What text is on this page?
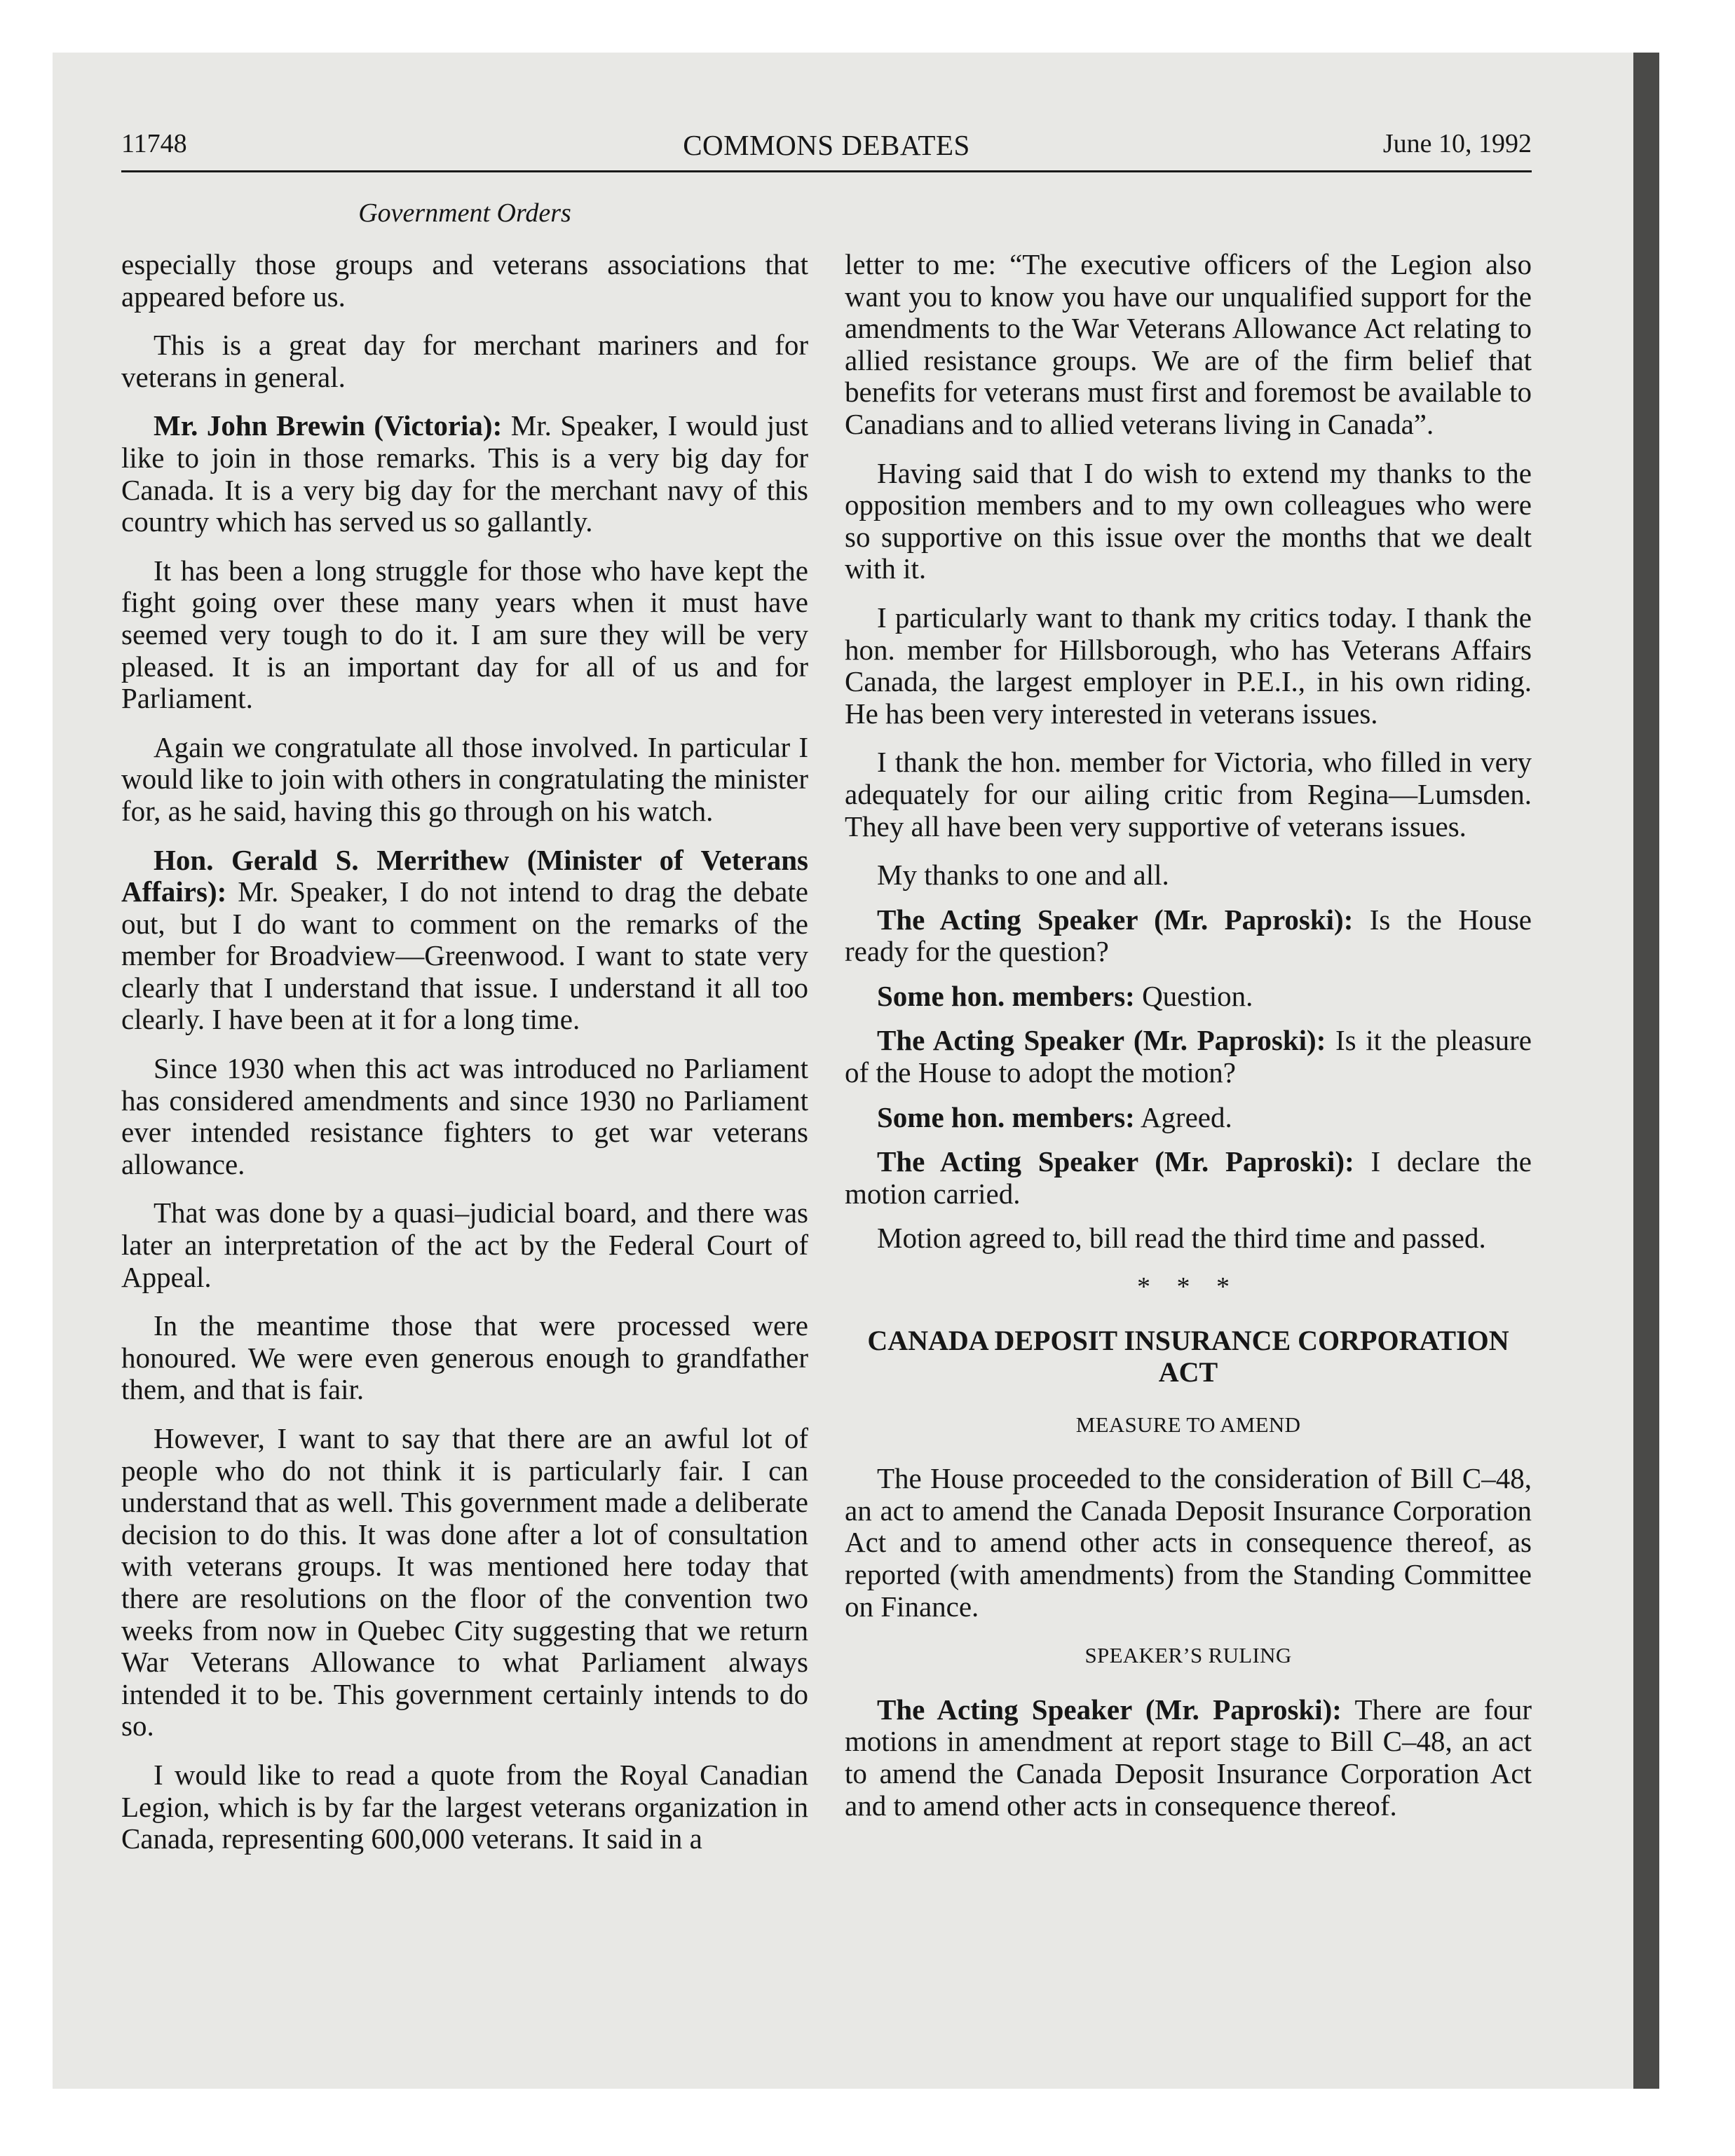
11748	COMMONS DEBATES	June 10, 1992
Government Orders

especially those groups and veterans associations that appeared before us.

This is a great day for merchant mariners and for veterans in general.

Mr. John Brewin (Victoria): Mr. Speaker, I would just like to join in those remarks. This is a very big day for Canada. It is a very big day for the merchant navy of this country which has served us so gallantly.

It has been a long struggle for those who have kept the fight going over these many years when it must have seemed very tough to do it. I am sure they will be very pleased. It is an important day for all of us and for Parliament.

Again we congratulate all those involved. In particular I would like to join with others in congratulating the minister for, as he said, having this go through on his watch.

Hon. Gerald S. Merrithew (Minister of Veterans Affairs): Mr. Speaker, I do not intend to drag the debate out, but I do want to comment on the remarks of the member for Broadview—Greenwood. I want to state very clearly that I understand that issue. I understand it all too clearly. I have been at it for a long time.

Since 1930 when this act was introduced no Parliament has considered amendments and since 1930 no Parliament ever intended resistance fighters to get war veterans allowance.

That was done by a quasi–judicial board, and there was later an interpretation of the act by the Federal Court of Appeal.

In the meantime those that were processed were honoured. We were even generous enough to grandfather them, and that is fair.

However, I want to say that there are an awful lot of people who do not think it is particularly fair. I can understand that as well. This government made a deliberate decision to do this. It was done after a lot of consultation with veterans groups. It was mentioned here today that there are resolutions on the floor of the convention two weeks from now in Quebec City suggesting that we return War Veterans Allowance to what Parliament always intended it to be. This government certainly intends to do so.

I would like to read a quote from the Royal Canadian Legion, which is by far the largest veterans organization in Canada, representing 600,000 veterans. It said in a

letter to me: “The executive officers of the Legion also want you to know you have our unqualified support for the amendments to the War Veterans Allowance Act relating to allied resistance groups. We are of the firm belief that benefits for veterans must first and foremost be available to Canadians and to allied veterans living in Canada”.

Having said that I do wish to extend my thanks to the opposition members and to my own colleagues who were so supportive on this issue over the months that we dealt with it.

I particularly want to thank my critics today. I thank the hon. member for Hillsborough, who has Veterans Affairs Canada, the largest employer in P.E.I., in his own riding. He has been very interested in veterans issues.

I thank the hon. member for Victoria, who filled in very adequately for our ailing critic from Regina—Lumsden. They all have been very supportive of veterans issues.

My thanks to one and all.

The Acting Speaker (Mr. Paproski): Is the House ready for the question?

Some hon. members: Question.

The Acting Speaker (Mr. Paproski): Is it the pleasure of the House to adopt the motion?

Some hon. members: Agreed.

The Acting Speaker (Mr. Paproski): I declare the motion carried.

Motion agreed to, bill read the third time and passed.

* * *
CANADA DEPOSIT INSURANCE CORPORATION ACT
MEASURE TO AMEND

The House proceeded to the consideration of Bill C–48, an act to amend the Canada Deposit Insurance Corporation Act and to amend other acts in consequence thereof, as reported (with amendments) from the Standing Committee on Finance.

SPEAKER’S RULING

The Acting Speaker (Mr. Paproski): There are four motions in amendment at report stage to Bill C–48, an act to amend the Canada Deposit Insurance Corporation Act and to amend other acts in consequence thereof.
